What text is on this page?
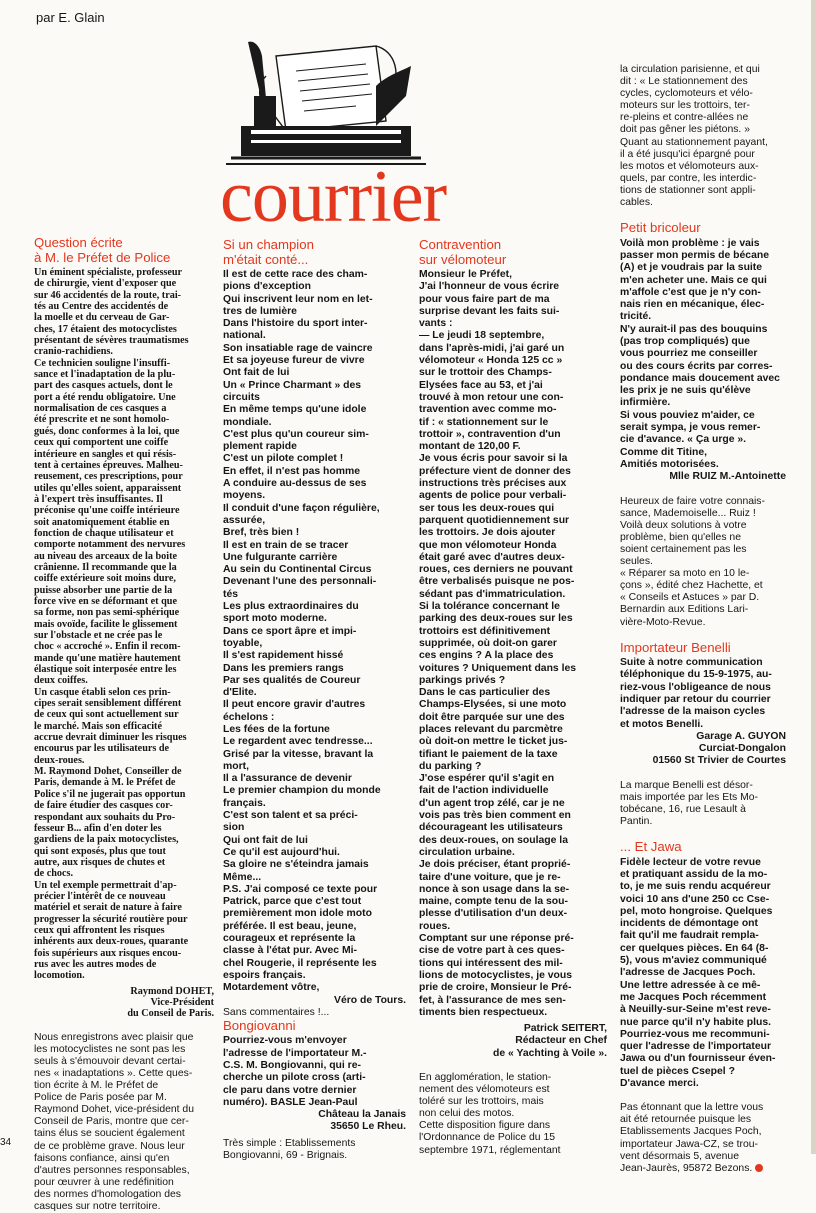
par E. Glain
courrier
Question écrite
à M. le Préfet de Police
Un éminent spécialiste, professeur
de chirurgie, vient d'exposer que
sur 46 accidentés de la route, trai-
tés au Centre des accidentés de
la moelle et du cerveau de Gar-
ches, 17 étaient des motocyclistes
présentant de sévères traumatismes
cranio-rachidiens.
Ce technicien souligne l'insuffi-
sance et l'inadaptation de la plu-
part des casques actuels, dont le
port a été rendu obligatoire. Une
normalisation de ces casques a
été prescrite et ne sont homolo-
gués, donc conformes à la loi, que
ceux qui comportent une coiffe
intérieure en sangles et qui résis-
tent à certaines épreuves. Malheu-
reusement, ces prescriptions, pour
utiles qu'elles soient, apparaissent
à l'expert très insuffisantes. Il
préconise qu'une coiffe intérieure
soit anatomiquement établie en
fonction de chaque utilisateur et
comporte notamment des nervures
au niveau des arceaux de la boite
crânienne. Il recommande que la
coiffe extérieure soit moins dure,
puisse absorber une partie de la
force vive en se déformant et que
sa forme, non pas semi-sphérique
mais ovoïde, facilite le glissement
sur l'obstacle et ne crée pas le
choc « accroché ». Enfin il recom-
mande qu'une matière hautement
élastique soit interposée entre les
deux coiffes.
Un casque établi selon ces prin-
cipes serait sensiblement différent
de ceux qui sont actuellement sur
le marché. Mais son efficacité
accrue devrait diminuer les risques
encourus par les utilisateurs de
deux-roues.
M. Raymond Dohet, Conseiller de
Paris, demande à M. le Préfet de
Police s'il ne jugerait pas opportun
de faire étudier des casques cor-
respondant aux souhaits du Pro-
fesseur B... afin d'en doter les
gardiens de la paix motocyclistes,
qui sont exposés, plus que tout
autre, aux risques de chutes et
de chocs.
Un tel exemple permettrait d'ap-
précier l'intérêt de ce nouveau
matériel et serait de nature à faire
progresser la sécurité routière pour
ceux qui affrontent les risques
inhérents aux deux-roues, quarante
fois supérieurs aux risques encou-
rus avec les autres modes de
locomotion.
Raymond DOHET,
Vice-Président
du Conseil de Paris.
Nous enregistrons avec plaisir que
les motocyclistes ne sont pas les
seuls à s'émouvoir devant certai-
nes « inadaptations ». Cette ques-
tion écrite à M. le Préfet de
Police de Paris posée par M.
Raymond Dohet, vice-président du
Conseil de Paris, montre que cer-
tains élus se soucient également
de ce problème grave. Nous leur
faisons confiance, ainsi qu'en
d'autres personnes responsables,
pour œuvrer à une redéfinition
des normes d'homologation des
casques sur notre territoire.
Si un champion
m'était conté...
Il est de cette race des cham-
pions d'exception
Qui inscrivent leur nom en let-
tres de lumière
Dans l'histoire du sport inter-
national.
Son insatiable rage de vaincre
Et sa joyeuse fureur de vivre
Ont fait de lui
Un « Prince Charmant » des
circuits
En même temps qu'une idole
mondiale.
C'est plus qu'un coureur sim-
plement rapide
C'est un pilote complet !
En effet, il n'est pas homme
A conduire au-dessus de ses
moyens.
Il conduit d'une façon régulière,
assurée,
Bref, très bien !
Il est en train de se tracer
Une fulgurante carrière
Au sein du Continental Circus
Devenant l'une des personnali-
tés
Les plus extraordinaires du
sport moto moderne.
Dans ce sport âpre et impi-
toyable,
Il s'est rapidement hissé
Dans les premiers rangs
Par ses qualités de Coureur
d'Elite.
Il peut encore gravir d'autres
échelons :
Les fées de la fortune
Le regardent avec tendresse...
Grisé par la vitesse, bravant la
mort,
Il a l'assurance de devenir
Le premier champion du monde
français.
C'est son talent et sa préci-
sion
Qui ont fait de lui
Ce qu'il est aujourd'hui.
Sa gloire ne s'éteindra jamais
Même...
P.S. J'ai composé ce texte pour
Patrick, parce que c'est tout
premièrement mon idole moto
préférée. Il est beau, jeune,
courageux et représente la
classe à l'état pur. Avec Mi-
chel Rougerie, il représente les
espoirs français.
Motardement vôtre,
Véro de Tours.
Sans commentaires !...
Bongiovanni
Pourriez-vous m'envoyer
l'adresse de l'importateur M.-
C.S. M. Bongiovanni, qui re-
cherche un pilote cross (arti-
cle paru dans votre dernier
numéro). BASLE Jean-Paul
Château la Janais
35650 Le Rheu.
Très simple : Etablissements
Bongiovanni, 69 - Brignais.
Contravention
sur vélomoteur
Monsieur le Préfet,
J'ai l'honneur de vous écrire
pour vous faire part de ma
surprise devant les faits sui-
vants :
— Le jeudi 18 septembre,
dans l'après-midi, j'ai garé un
vélomoteur « Honda 125 cc »
sur le trottoir des Champs-
Elysées face au 53, et j'ai
trouvé à mon retour une con-
travention avec comme mo-
tif : « stationnement sur le
trottoir », contravention d'un
montant de 120,00 F.
Je vous écris pour savoir si la
préfecture vient de donner des
instructions très précises aux
agents de police pour verbali-
ser tous les deux-roues qui
parquent quotidiennement sur
les trottoirs. Je dois ajouter
que mon vélomoteur Honda
était garé avec d'autres deux-
roues, ces derniers ne pouvant
être verbalisés puisque ne pos-
sédant pas d'immatriculation.
Si la tolérance concernant le
parking des deux-roues sur les
trottoirs est définitivement
supprimée, où doit-on garer
ces engins ? A la place des
voitures ? Uniquement dans les
parkings privés ?
Dans le cas particulier des
Champs-Elysées, si une moto
doit être parquée sur une des
places relevant du parcmètre
où doit-on mettre le ticket jus-
tifiant le paiement de la taxe
du parking ?
J'ose espérer qu'il s'agit en
fait de l'action individuelle
d'un agent trop zélé, car je ne
vois pas très bien comment en
décourageant les utilisateurs
des deux-roues, on soulage la
circulation urbaine.
Je dois préciser, étant proprié-
taire d'une voiture, que je re-
nonce à son usage dans la se-
maine, compte tenu de la sou-
plesse d'utilisation d'un deux-
roues.
Comptant sur une réponse pré-
cise de votre part à ces ques-
tions qui intéressent des mil-
lions de motocyclistes, je vous
prie de croire, Monsieur le Pré-
fet, à l'assurance de mes sen-
timents bien respectueux.
Patrick SEITERT,
Rédacteur en Chef
de « Yachting à Voile ».
En agglomération, le station-
nement des vélomoteurs est
toléré sur les trottoirs, mais
non celui des motos.
Cette disposition figure dans
l'Ordonnance de Police du 15
septembre 1971, réglementant
la circulation parisienne, et qui
dit : « Le stationnement des
cycles, cyclomoteurs et vélo-
moteurs sur les trottoirs, ter-
re-pleins et contre-allées ne
doit pas gêner les piétons. »
Quant au stationnement payant,
il a été jusqu'ici épargné pour
les motos et vélomoteurs aux-
quels, par contre, les interdic-
tions de stationner sont appli-
cables.
Petit bricoleur
Voilà mon problème : je vais
passer mon permis de bécane
(A) et je voudrais par la suite
m'en acheter une. Mais ce qui
m'affole c'est que je n'y con-
nais rien en mécanique, élec-
tricité.
N'y aurait-il pas des bouquins
(pas trop compliqués) que
vous pourriez me conseiller
ou des cours écrits par corres-
pondance mais doucement avec
les prix je ne suis qu'élève
infirmière.
Si vous pouviez m'aider, ce
serait sympa, je vous remer-
cie d'avance. « Ça urge ».
Comme dit Titine,
Amitiés motorisées.
Mlle RUIZ M.-Antoinette
Heureux de faire votre connais-
sance, Mademoiselle... Ruiz !
Voilà deux solutions à votre
problème, bien qu'elles ne
soient certainement pas les
seules.
« Réparer sa moto en 10 le-
çons », édité chez Hachette, et
« Conseils et Astuces » par D.
Bernardin aux Editions Lari-
vière-Moto-Revue.
Importateur Benelli
Suite à notre communication
téléphonique du 15-9-1975, au-
riez-vous l'obligeance de nous
indiquer par retour du courrier
l'adresse de la maison cycles
et motos Benelli.
Garage A. GUYON
Curciat-Dongalon
01560 St Trivier de Courtes
La marque Benelli est désor-
mais importée par les Ets Mo-
tobécane, 16, rue Lesault à
Pantin.
... Et Jawa
Fidèle lecteur de votre revue
et pratiquant assidu de la mo-
to, je me suis rendu acquéreur
voici 10 ans d'une 250 cc Cse-
pel, moto hongroise. Quelques
incidents de démontage ont
fait qu'il me faudrait rempla-
cer quelques pièces. En 64 (8-
5), vous m'aviez communiqué
l'adresse de Jacques Poch.
Une lettre adressée à ce mê-
me Jacques Poch récemment
à Neuilly-sur-Seine m'est reve-
nue parce qu'il n'y habite plus.
Pourriez-vous me recommuni-
quer l'adresse de l'importateur
Jawa ou d'un fournisseur éven-
tuel de pièces Csepel ?
D'avance merci.
Pas étonnant que la lettre vous
ait été retournée puisque les
Etablissements Jacques Poch,
importateur Jawa-CZ, se trou-
vent désormais 5, avenue
Jean-Jaurès, 95872 Bezons.
34
